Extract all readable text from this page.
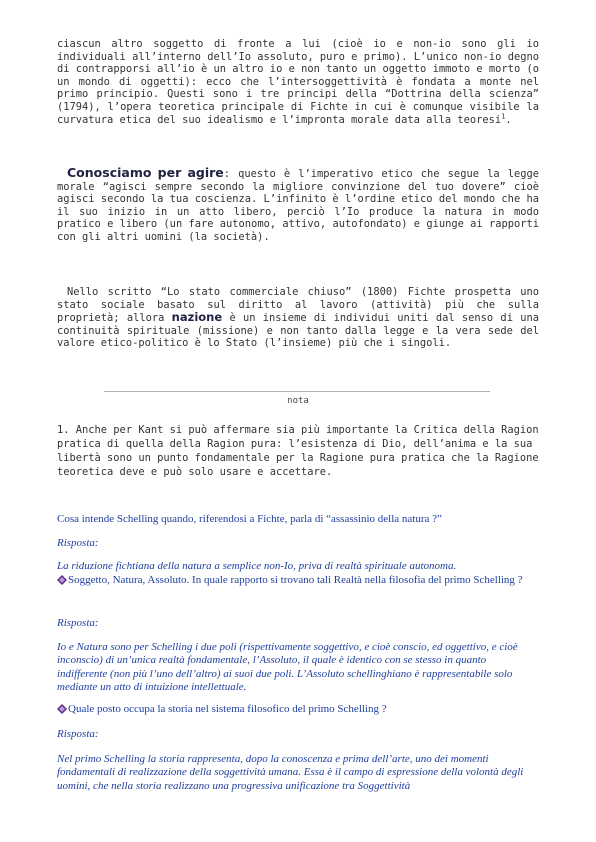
ciascun altro soggetto di fronte a lui (cioè io e non-io sono gli io individuali all’interno dell’Io assoluto, puro e primo). L’unico non-io degno di contrapporsi all’io è un altro io e non tanto un oggetto immoto e morto (o un mondo di oggetti): ecco che l’intersoggettività è fondata a monte nel primo principio. Questi sono i tre principi della “Dottrina della scienza” (1794), l’opera teoretica principale di Fichte in cui è comunque visibile la curvatura etica del suo idealismo e l’impronta morale data alla teoresi$^1$.

Conosciamo per agire: questo è l’imperativo etico che segue la legge morale “agisci sempre secondo la migliore convinzione del tuo dovere” cioè agisci secondo la tua coscienza. L’infinito è l’ordine etico del mondo che ha il suo inizio in un atto libero, perciò l’Io produce la natura in modo pratico e libero (un fare autonomo, attivo, autofondato) e giunge ai rapporti con gli altri uomini (la società).

Nello scritto “Lo stato commerciale chiuso” (1800) Fichte prospetta uno stato sociale basato sul diritto al lavoro (attività) più che sulla proprietà; allora nazione è un insieme di individui uniti dal senso di una continuità spirituale (missione) e non tanto dalla legge e la vera sede del valore etico-politico è lo Stato (l’insieme) più che i singoli.

nota

1. Anche per Kant si può affermare sia più importante la Critica della Ragion pratica di quella della Ragion pura: l’esistenza di Dio, dell’anima e la sua libertà sono un punto fondamentale per la Ragione pura pratica che la Ragione teoretica deve e può solo usare e accettare.

Cosa intende Schelling quando, riferendosi a Fichte, parla di “assassinio della natura ?”

Risposta:

La riduzione fichtiana della natura a semplice non-Io, priva di realtà spirituale autonoma.

Soggetto, Natura, Assoluto. In quale rapporto si trovano tali Realtà nella filosofia del primo Schelling ?

Risposta:

Io e Natura sono per Schelling i due poli (rispettivamente soggettivo, e cioè conscio, ed oggettivo, e cioè inconscio) di un’unica realtà fondamentale, l’Assoluto, il quale è identico con se stesso in quanto indifferente (non più l’uno dell’altro) ai suoi due poli. L’Assoluto schellinghiano è rappresentabile solo mediante un atto di intuizione intellettuale.

Quale posto occupa la storia nel sistema filosofico del primo Schelling ?

Risposta:

Nel primo Schelling la storia rappresenta, dopo la conoscenza e prima dell’arte, uno dei momenti fondamentali di realizzazione della soggettività umana. Essa è il campo di espressione della volontà degli uomini, che nella storia realizzano una progressiva unificazione tra Soggettività
